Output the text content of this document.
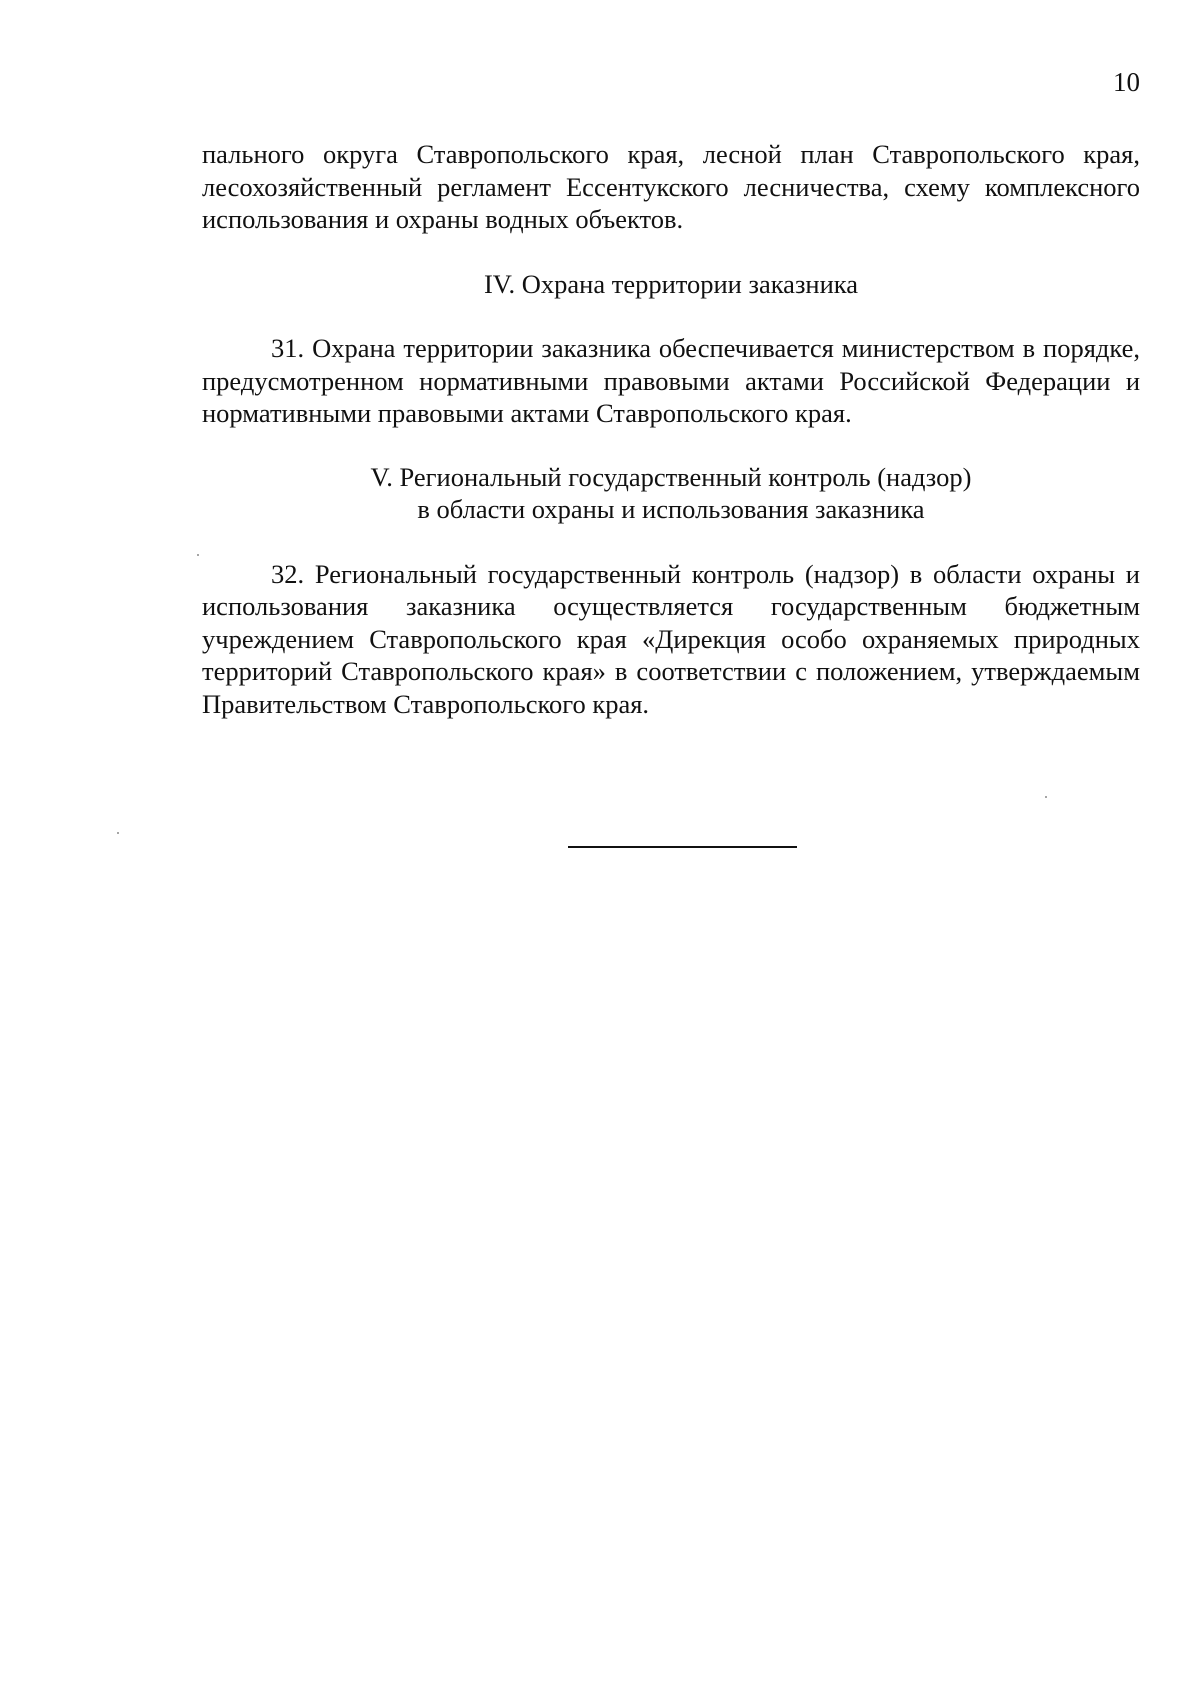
10

пального округа Ставропольского края, лесной план Ставропольского края, лесохозяйственный регламент Ессентукского лесничества, схему комплексного использования и охраны водных объектов.

IV. Охрана территории заказника

31. Охрана территории заказника обеспечивается министерством в порядке, предусмотренном нормативными правовыми актами Российской Федерации и нормативными правовыми актами Ставропольского края.

V. Региональный государственный контроль (надзор)
в области охраны и использования заказника

32. Региональный государственный контроль (надзор) в области охраны и использования заказника осуществляется государственным бюджетным учреждением Ставропольского края «Дирекция особо охраняемых природных территорий Ставропольского края» в соответствии с положением, утверждаемым Правительством Ставропольского края.
